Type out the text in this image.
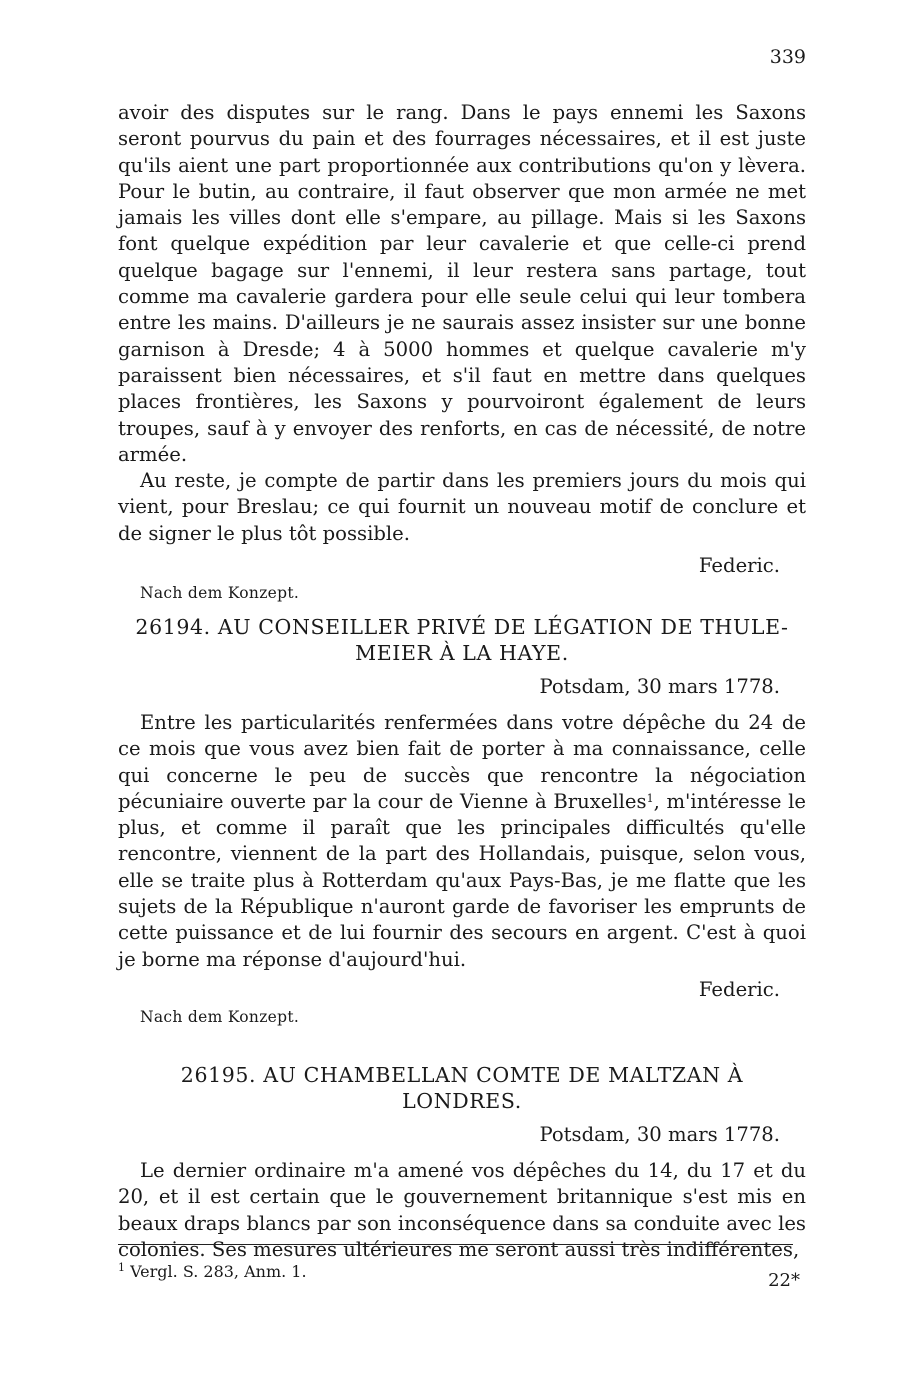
339

avoir des disputes sur le rang. Dans le pays ennemi les Saxons seront pourvus du pain et des fourrages nécessaires, et il est juste qu'ils aient une part proportionnée aux contributions qu'on y lèvera. Pour le butin, au contraire, il faut observer que mon armée ne met jamais les villes dont elle s'empare, au pillage. Mais si les Saxons font quelque expédition par leur cavalerie et que celle-ci prend quelque bagage sur l'ennemi, il leur restera sans partage, tout comme ma cavalerie gardera pour elle seule celui qui leur tombera entre les mains. D'ailleurs je ne saurais assez insister sur une bonne garnison à Dresde; 4 à 5000 hommes et quelque cavalerie m'y paraissent bien nécessaires, et s'il faut en mettre dans quelques places frontières, les Saxons y pourvoiront également de leurs troupes, sauf à y envoyer des renforts, en cas de nécessité, de notre armée.

Au reste, je compte de partir dans les premiers jours du mois qui vient, pour Breslau; ce qui fournit un nouveau motif de conclure et de signer le plus tôt possible.

Federic.

Nach dem Konzept.

26194. AU CONSEILLER PRIVÉ DE LÉGATION DE THULE-
MEIER À LA HAYE.

Potsdam, 30 mars 1778.

Entre les particularités renfermées dans votre dépêche du 24 de ce mois que vous avez bien fait de porter à ma connaissance, celle qui concerne le peu de succès que rencontre la négociation pécuniaire ouverte par la cour de Vienne à Bruxelles$^1$, m'intéresse le plus, et comme il paraît que les principales difficultés qu'elle rencontre, viennent de la part des Hollandais, puisque, selon vous, elle se traite plus à Rotterdam qu'aux Pays-Bas, je me flatte que les sujets de la République n'auront garde de favoriser les emprunts de cette puissance et de lui fournir des secours en argent. C'est à quoi je borne ma réponse d'aujourd'hui.

Federic.

Nach dem Konzept.

26195. AU CHAMBELLAN COMTE DE MALTZAN À LONDRES.

Potsdam, 30 mars 1778.

Le dernier ordinaire m'a amené vos dépêches du 14, du 17 et du 20, et il est certain que le gouvernement britannique s'est mis en beaux draps blancs par son inconséquence dans sa conduite avec les colonies. Ses mesures ultérieures me seront aussi très indifférentes,

$^1$ Vergl. S. 283, Anm. 1.	22*
